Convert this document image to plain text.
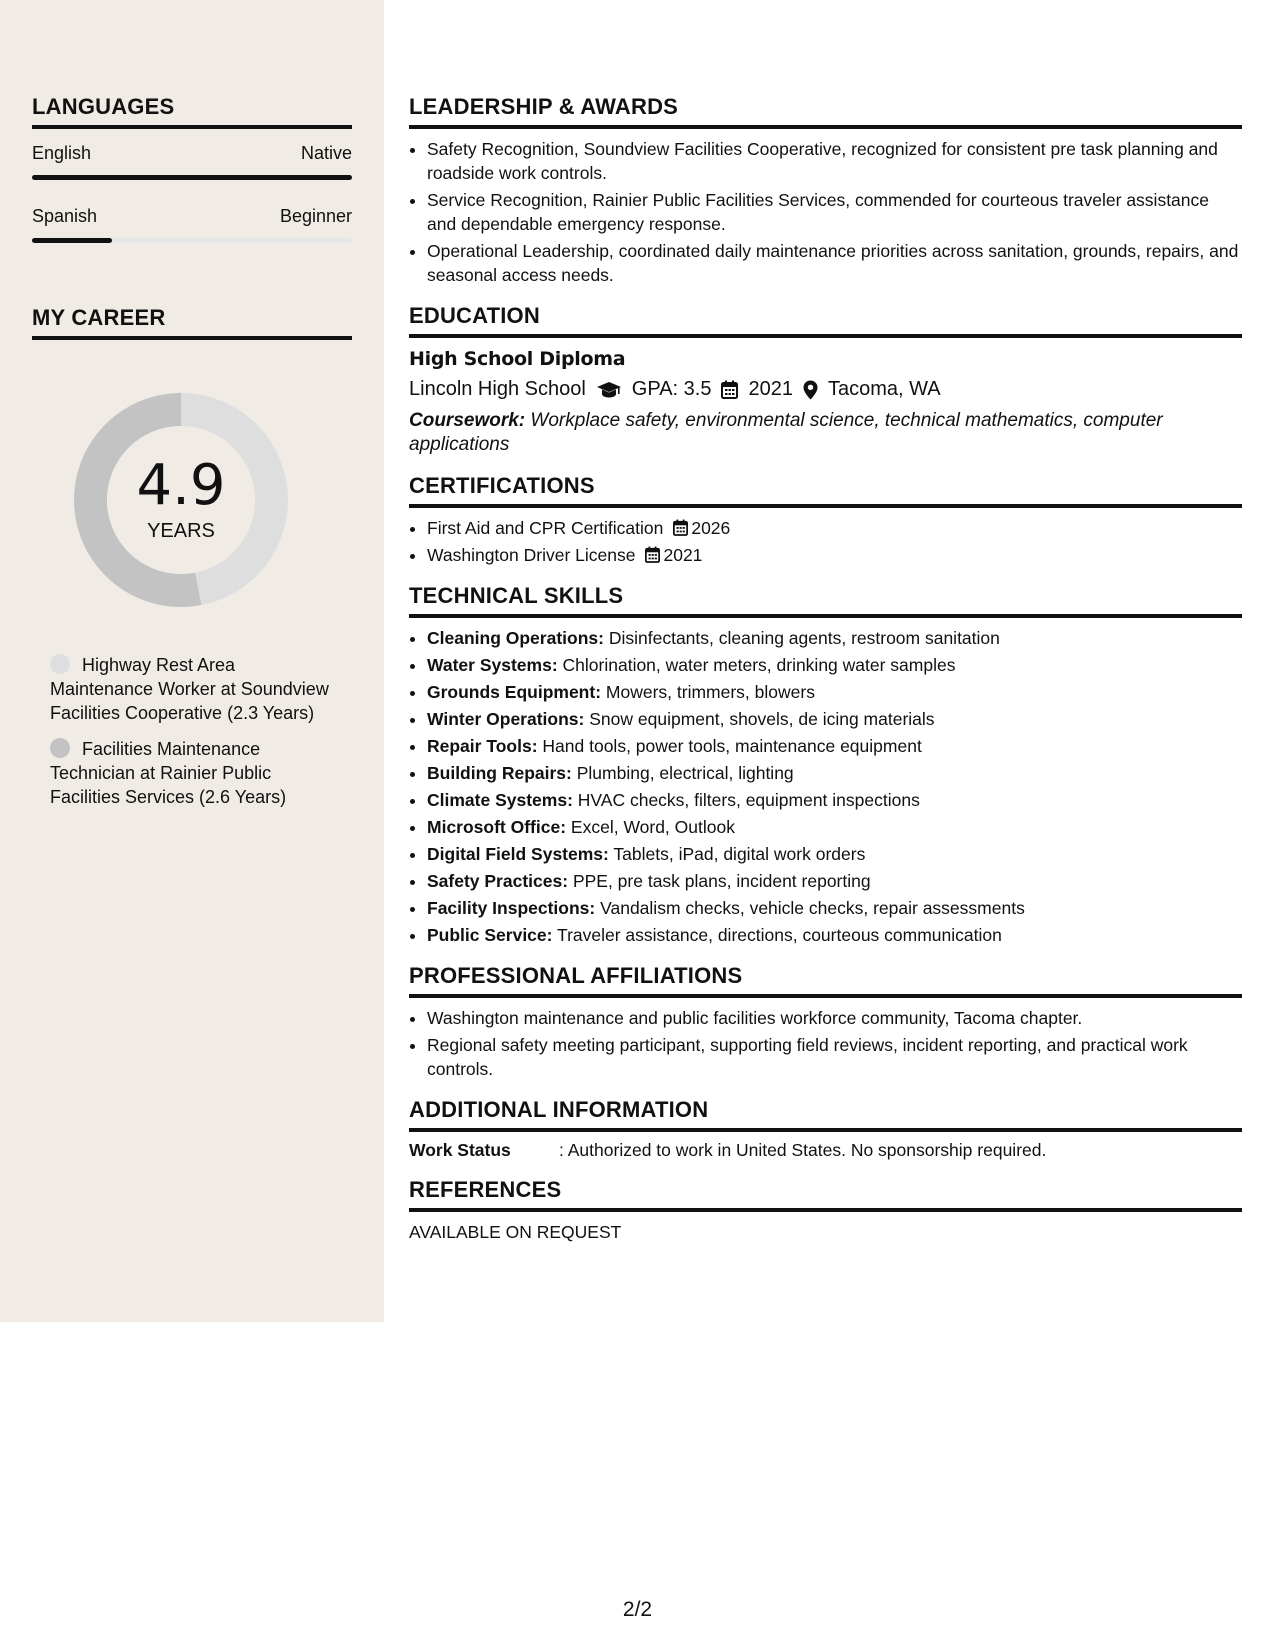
LANGUAGES
English	Native
Spanish	Beginner
MY CAREER
4.9
YEARS
Highway Rest Area Maintenance Worker at Soundview Facilities Cooperative (2.3 Years)
Facilities Maintenance Technician at Rainier Public Facilities Services (2.6 Years)
LEADERSHIP & AWARDS
• Safety Recognition, Soundview Facilities Cooperative, recognized for consistent pre task planning and roadside work controls.
• Service Recognition, Rainier Public Facilities Services, commended for courteous traveler assistance and dependable emergency response.
• Operational Leadership, coordinated daily maintenance priorities across sanitation, grounds, repairs, and seasonal access needs.
EDUCATION
High School Diploma
Lincoln High School GPA: 3.5 2021 Tacoma, WA
Coursework: Workplace safety, environmental science, technical mathematics, computer applications
CERTIFICATIONS
• First Aid and CPR Certification 2026
• Washington Driver License 2021
TECHNICAL SKILLS
• Cleaning Operations: Disinfectants, cleaning agents, restroom sanitation
• Water Systems: Chlorination, water meters, drinking water samples
• Grounds Equipment: Mowers, trimmers, blowers
• Winter Operations: Snow equipment, shovels, de icing materials
• Repair Tools: Hand tools, power tools, maintenance equipment
• Building Repairs: Plumbing, electrical, lighting
• Climate Systems: HVAC checks, filters, equipment inspections
• Microsoft Office: Excel, Word, Outlook
• Digital Field Systems: Tablets, iPad, digital work orders
• Safety Practices: PPE, pre task plans, incident reporting
• Facility Inspections: Vandalism checks, vehicle checks, repair assessments
• Public Service: Traveler assistance, directions, courteous communication
PROFESSIONAL AFFILIATIONS
• Washington maintenance and public facilities workforce community, Tacoma chapter.
• Regional safety meeting participant, supporting field reviews, incident reporting, and practical work controls.
ADDITIONAL INFORMATION
Work Status	: Authorized to work in United States. No sponsorship required.
REFERENCES
AVAILABLE ON REQUEST
2/2
